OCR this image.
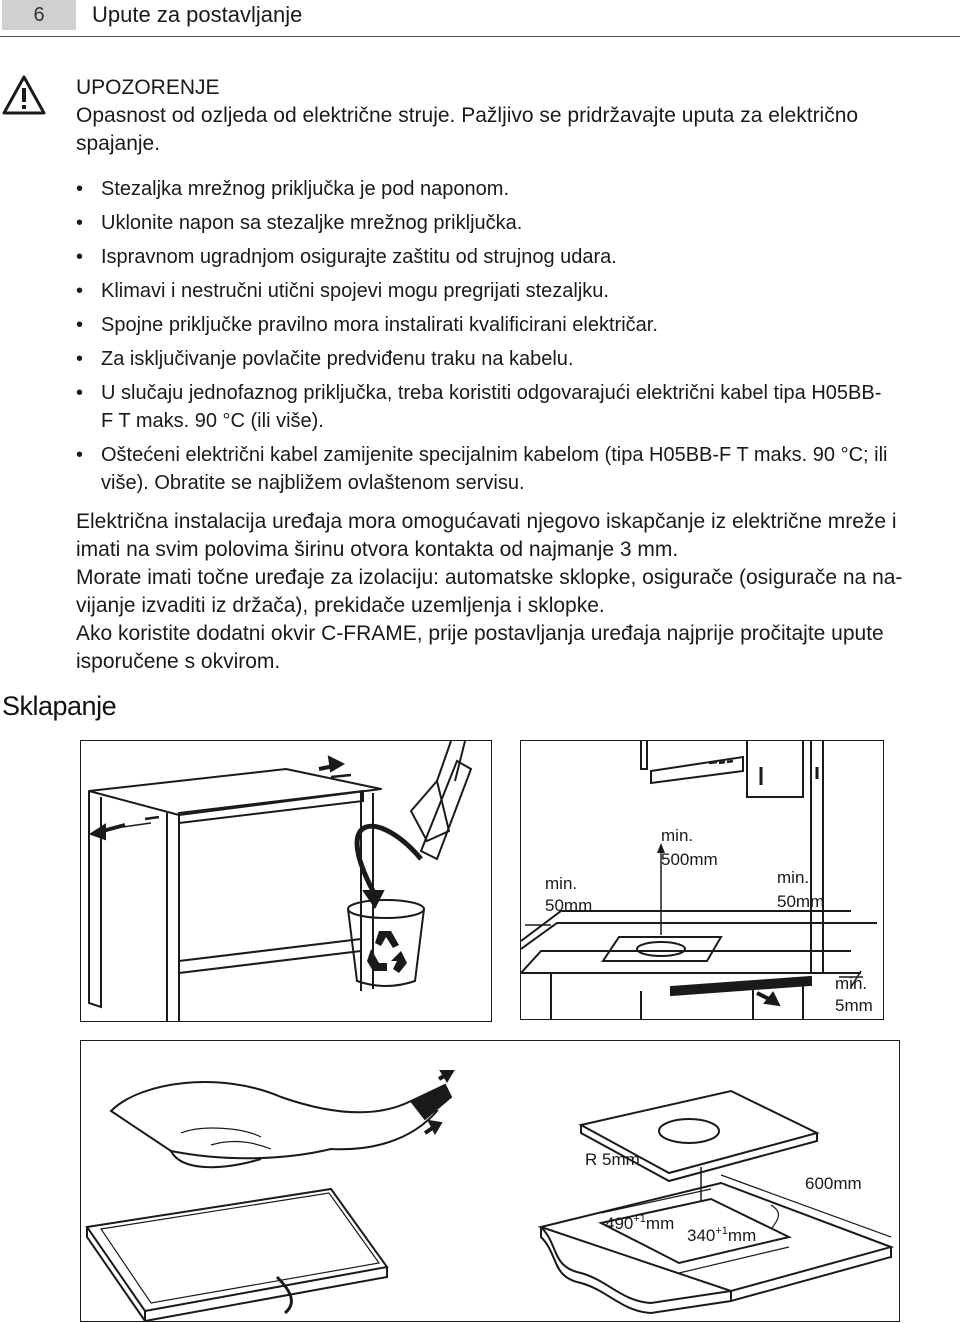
6	Upute za postavljanje
UPOZORENJE
Opasnost od ozljeda od električne struje. Pažljivo se pridržavajte uputa za električno
spajanje.
• Stezaljka mrežnog priključka je pod naponom.
• Uklonite napon sa stezaljke mrežnog priključka.
• Ispravnom ugradnjom osigurajte zaštitu od strujnog udara.
• Klimavi i nestručni utični spojevi mogu pregrijati stezaljku.
• Spojne priključke pravilno mora instalirati kvalificirani električar.
• Za isključivanje povlačite predviđenu traku na kabelu.
• U slučaju jednofaznog priključka, treba koristiti odgovarajući električni kabel tipa H05BB-
F T maks. 90 °C (ili više).
• Oštećeni električni kabel zamijenite specijalnim kabelom (tipa H05BB-F T maks. 90 °C; ili
više). Obratite se najbližem ovlaštenom servisu.
Električna instalacija uređaja mora omogućavati njegovo iskapčanje iz električne mreže i
imati na svim polovima širinu otvora kontakta od najmanje 3 mm.
Morate imati točne uređaje za izolaciju: automatske sklopke, osigurače (osigurače na na-
vijanje izvaditi iz držača), prekidače uzemljenja i sklopke.
Ako koristite dodatni okvir C-FRAME, prije postavljanja uređaja najprije pročitajte upute
isporučene s okvirom.
Sklapanje
min.
50mm
min.
500mm
min.
50mm
min.
5mm
R 5mm
600mm
$490^{+1}mm$
$340^{+1}mm$
